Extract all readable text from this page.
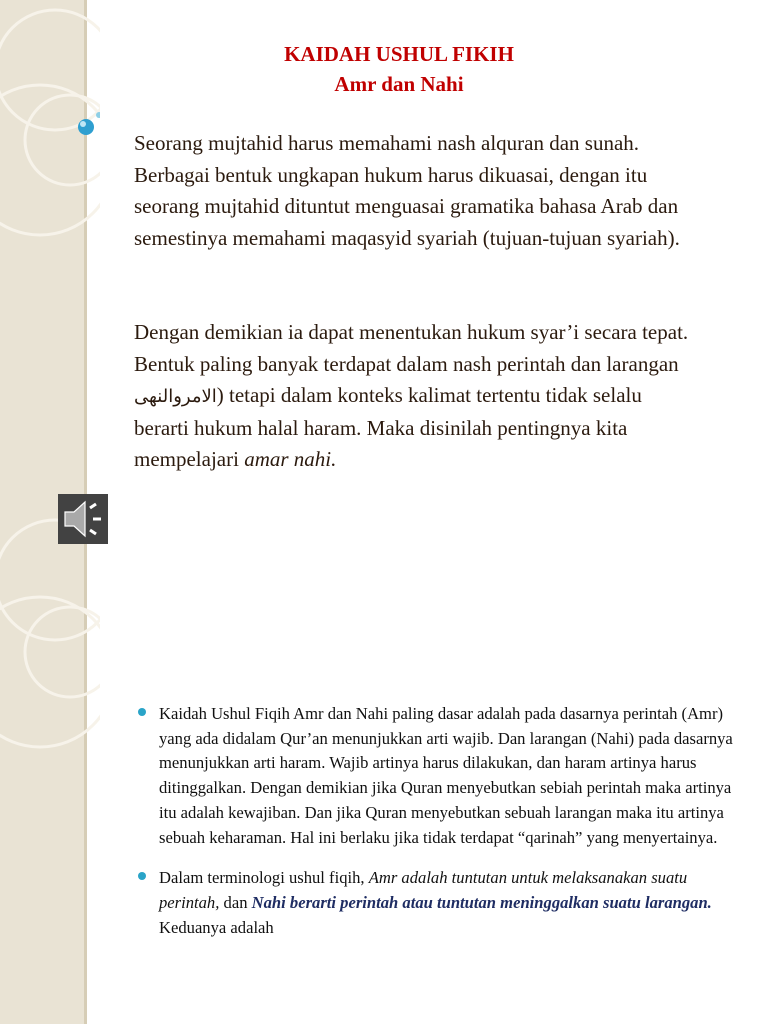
KAIDAH USHUL FIKIH
Amr dan Nahi

Seorang mujtahid harus memahami nash alquran dan sunah. Berbagai bentuk ungkapan hukum harus dikuasai, dengan itu seorang mujtahid dituntut menguasai gramatika bahasa Arab dan semestinya memahami maqasyid syariah (tujuan-tujuan syariah).

Dengan demikian ia dapat menentukan hukum syar’i secara tepat. Bentuk paling banyak terdapat dalam nash perintah dan larangan الامروالنهى) tetapi dalam konteks kalimat tertentu tidak selalu berarti hukum halal haram. Maka disinilah pentingnya kita mempelajari amar nahi.

Kaidah Ushul Fiqih Amr dan Nahi paling dasar adalah pada dasarnya perintah (Amr) yang ada didalam Qur’an menunjukkan arti wajib. Dan larangan (Nahi) pada dasarnya menunjukkan arti haram. Wajib artinya harus dilakukan, dan haram artinya harus ditinggalkan. Dengan demikian jika Quran menyebutkan sebiah perintah maka artinya itu adalah kewajiban. Dan jika Quran menyebutkan sebuah larangan maka itu artinya sebuah keharaman. Hal ini berlaku jika tidak terdapat “qarinah” yang menyertainya.
Dalam terminologi ushul fiqih, Amr adalah tuntutan untuk melaksanakan suatu perintah, dan Nahi berarti perintah atau tuntutan meninggalkan suatu larangan. Keduanya adalah
